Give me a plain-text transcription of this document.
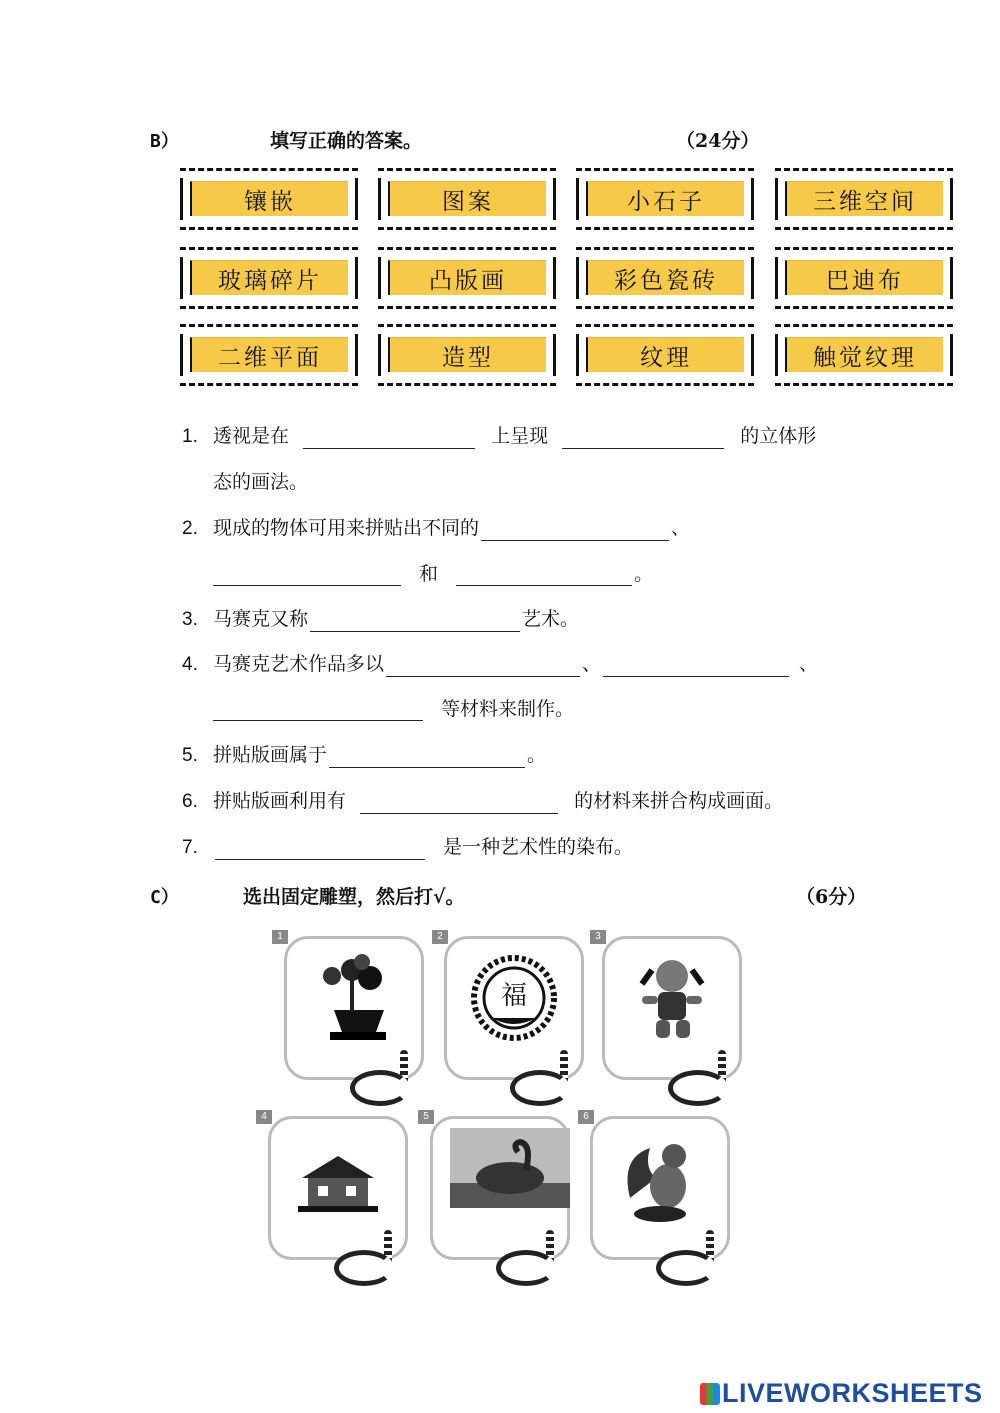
B）	填写正确的答案。	（24分）
镶嵌	图案	小石子	三维空间
玻璃碎片	凸版画	彩色瓷砖	巴迪布
二维平面	造型	纹理	触觉纹理
1. 透视是在	上呈现	的立体形
态的画法。
2. 现成的物体可用来拼贴出不同的	、
和	。
3. 马赛克又称	艺术。
4. 马赛克艺术作品多以	、	、
等材料来制作。
5. 拼贴版画属于	。
6. 拼贴版画利用有	的材料来拼合构成画面。
7.	是一种艺术性的染布。
C）	选出固定雕塑，然后打√。	（6分）
1	2
福
3
4	5	6
LIVEWORKSHEETS
